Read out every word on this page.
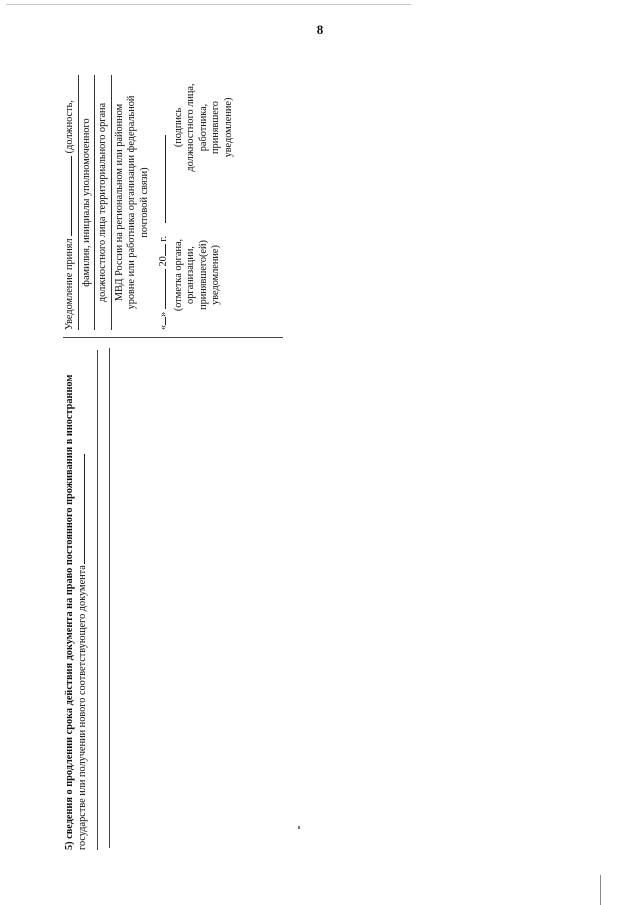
8
5) сведения о продлении срока действия документа на право постоянного проживания в иностранном государстве или получении нового соответствующего документа
Уведомление принял  (должность, фамилия, инициалы уполномоченного должностного лица территориального органа МВД России на региональном или районном уровне или работника организации федеральной почтовой связи)
«»  20 г.
(отметка органа, организации, принявшего(ей) уведомление)
(подпись должностного лица, работника, принявшего уведомление)
